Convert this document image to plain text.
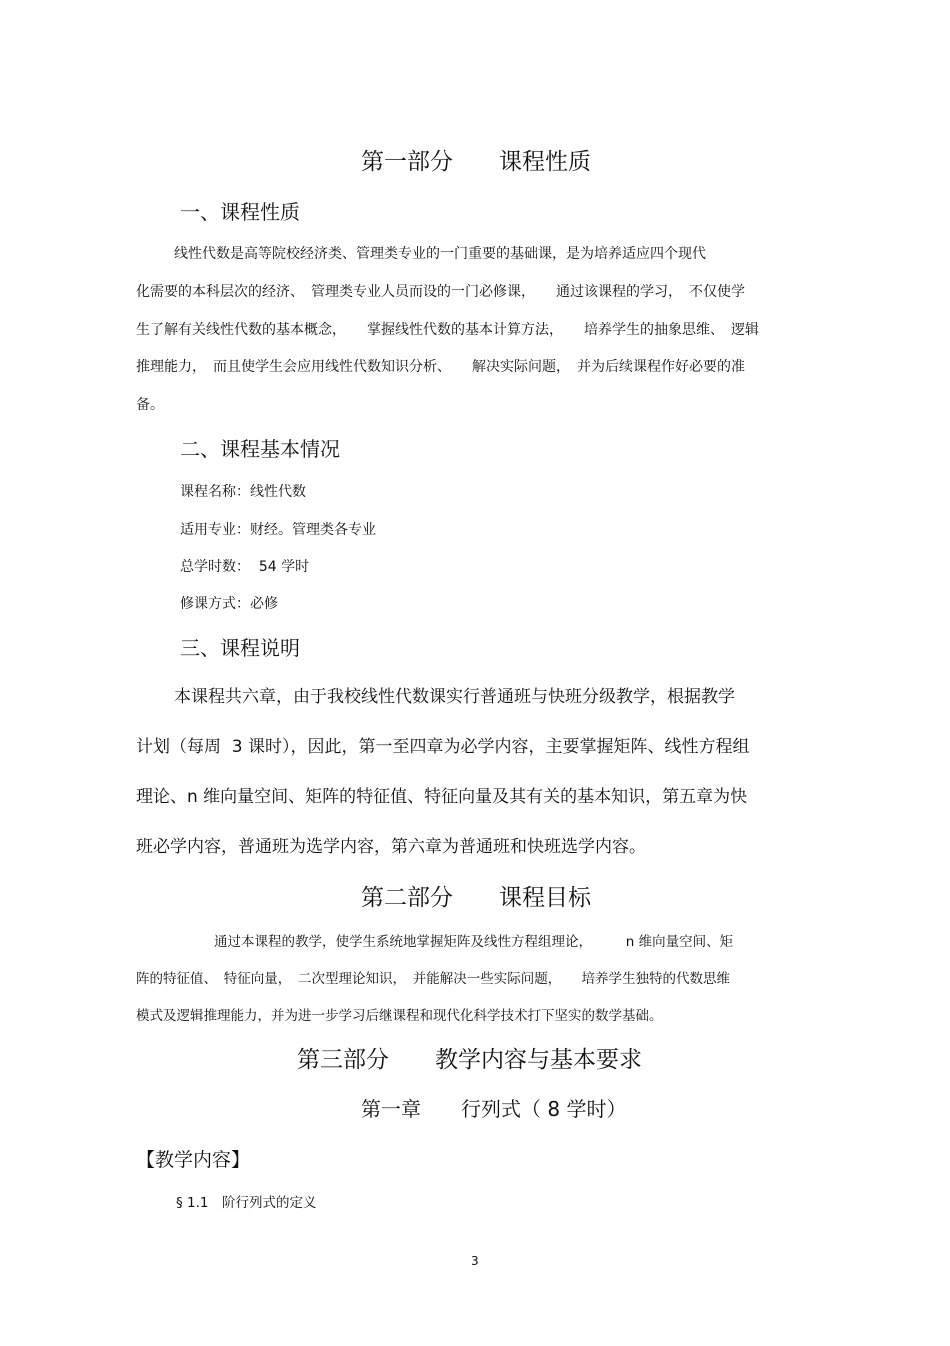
第一部分　　课程性质
一、课程性质
线性代数是高等院校经济类、管理类专业的一门重要的基础课，是为培养适应四个现代
化需要的本科层次的经济、　管理类专业人员而设的一门必修课，　　通过该课程的学习，　不仅使学
生了解有关线性代数的基本概念，　　掌握线性代数的基本计算方法，　　培养学生的抽象思维、　逻辑
推理能力，　而且使学生会应用线性代数知识分析、　　解决实际问题，　并为后续课程作好必要的准
备。
二、课程基本情况
课程名称：线性代数
适用专业：财经。管理类各专业
总学时数：  54 学时
修课方式：必修
三、课程说明
本课程共六章，由于我校线性代数课实行普通班与快班分级教学，根据教学
计划（每周  3 课时），因此，第一至四章为必学内容，主要掌握矩阵、线性方程组
理论、n 维向量空间、矩阵的特征值、特征向量及其有关的基本知识，第五章为快
班必学内容，普通班为选学内容，第六章为普通班和快班选学内容。
第二部分　　课程目标
通过本课程的教学，使学生系统地掌握矩阵及线性方程组理论，　　　n 维向量空间、矩
阵的特征值、　特征向量，　二次型理论知识，　并能解决一些实际问题，　　培养学生独特的代数思维
模式及逻辑推理能力，并为进一步学习后继课程和现代化科学技术打下坚实的数学基础。
第三部分　　教学内容与基本要求
第一章　　行列式（ 8 学时）
【教学内容】
§ 1.1　阶行列式的定义
3
